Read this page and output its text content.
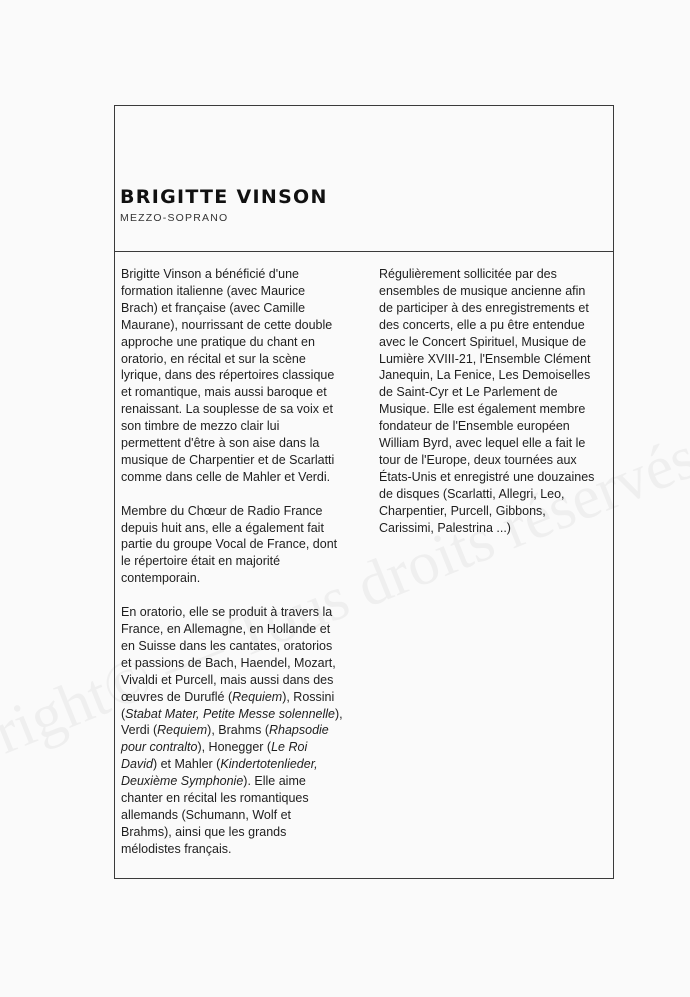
BRIGITTE VINSON
MEZZO-SOPRANO

Brigitte Vinson a bénéficié d'une
formation italienne (avec Maurice
Brach) et française (avec Camille
Maurane), nourrissant de cette double
approche une pratique du chant en
oratorio, en récital et sur la scène
lyrique, dans des répertoires classique
et romantique, mais aussi baroque et
renaissant. La souplesse de sa voix et
son timbre de mezzo clair lui
permettent d'être à son aise dans la
musique de Charpentier et de Scarlatti
comme dans celle de Mahler et Verdi.

Membre du Chœur de Radio France
depuis huit ans, elle a également fait
partie du groupe Vocal de France, dont
le répertoire était en majorité
contemporain.

En oratorio, elle se produit à travers la
France, en Allemagne, en Hollande et
en Suisse dans les cantates, oratorios
et passions de Bach, Haendel, Mozart,
Vivaldi et Purcell, mais aussi dans des
œuvres de Duruflé (Requiem), Rossini
(Stabat Mater, Petite Messe solennelle),
Verdi (Requiem), Brahms (Rhapsodie
pour contralto), Honegger (Le Roi
David) et Mahler (Kindertotenlieder,
Deuxième Symphonie). Elle aime
chanter en récital les romantiques
allemands (Schumann, Wolf et
Brahms), ainsi que les grands
mélodistes français.

Régulièrement sollicitée par des
ensembles de musique ancienne afin
de participer à des enregistrements et
des concerts, elle a pu être entendue
avec le Concert Spirituel, Musique de
Lumière XVIII-21, l'Ensemble Clément
Janequin, La Fenice, Les Demoiselles
de Saint-Cyr et Le Parlement de
Musique. Elle est également membre
fondateur de l'Ensemble européen
William Byrd, avec lequel elle a fait le
tour de l'Europe, deux tournées aux
États-Unis et enregistré une douzaines
de disques (Scarlatti, Allegri, Leo,
Charpentier, Purcell, Gibbons,
Carissimi, Palestrina ...)
